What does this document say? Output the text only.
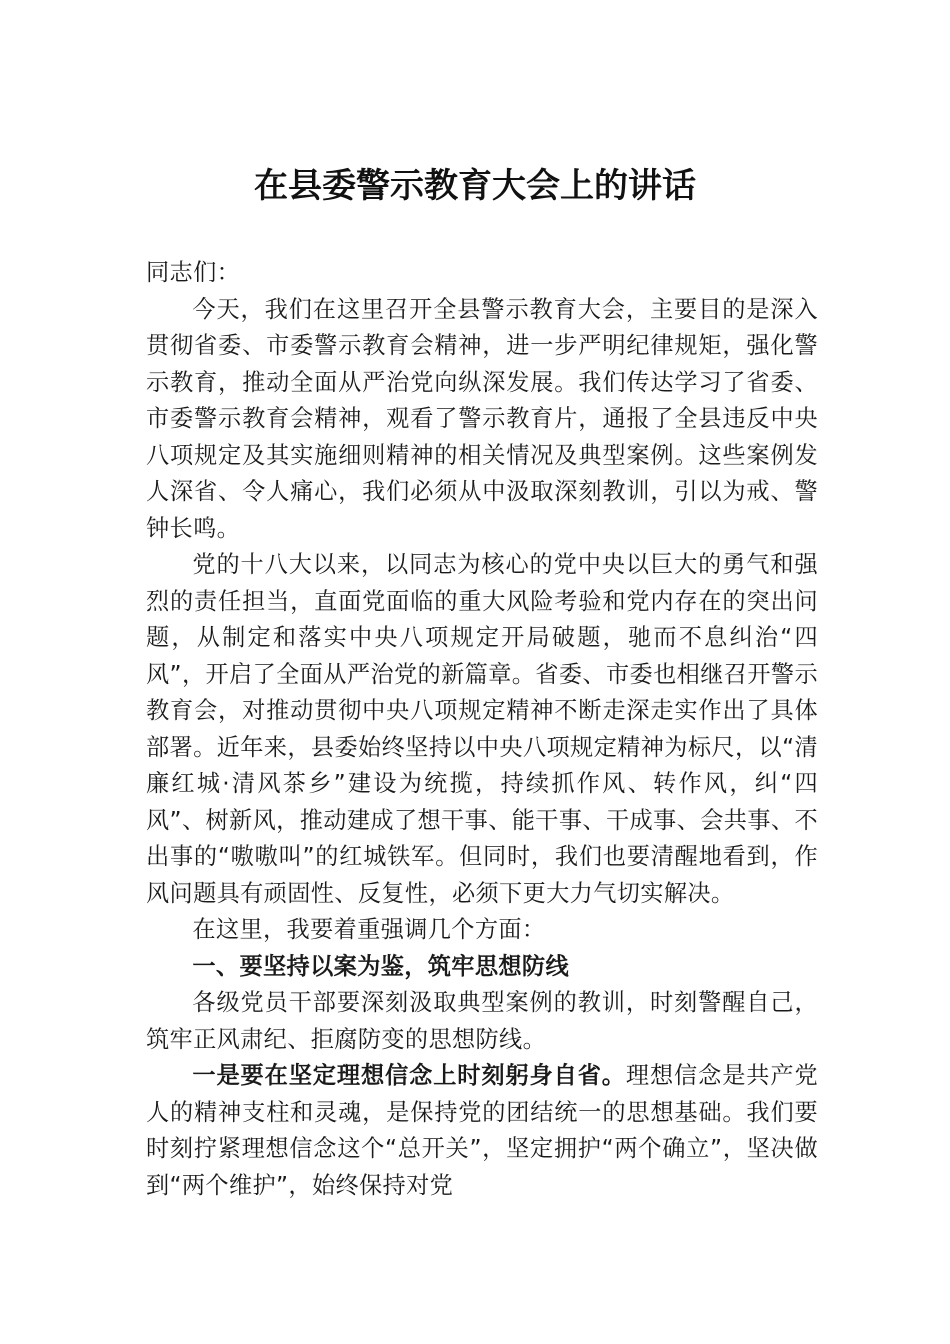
在县委警示教育大会上的讲话

同志们：

今天，我们在这里召开全县警示教育大会，主要目的是深入贯彻省委、市委警示教育会精神，进一步严明纪律规矩，强化警示教育，推动全面从严治党向纵深发展。我们传达学习了省委、市委警示教育会精神，观看了警示教育片，通报了全县违反中央八项规定及其实施细则精神的相关情况及典型案例。这些案例发人深省、令人痛心，我们必须从中汲取深刻教训，引以为戒、警钟长鸣。

党的十八大以来，以同志为核心的党中央以巨大的勇气和强烈的责任担当，直面党面临的重大风险考验和党内存在的突出问题，从制定和落实中央八项规定开局破题，驰而不息纠治“四风”，开启了全面从严治党的新篇章。省委、市委也相继召开警示教育会，对推动贯彻中央八项规定精神不断走深走实作出了具体部署。近年来，县委始终坚持以中央八项规定精神为标尺，以“清廉红城·清风茶乡”建设为统揽，持续抓作风、转作风，纠“四风”、树新风，推动建成了想干事、能干事、干成事、会共事、不出事的“嗷嗷叫”的红城铁军。但同时，我们也要清醒地看到，作风问题具有顽固性、反复性，必须下更大力气切实解决。

在这里，我要着重强调几个方面：

一、要坚持以案为鉴，筑牢思想防线

各级党员干部要深刻汲取典型案例的教训，时刻警醒自己，筑牢正风肃纪、拒腐防变的思想防线。

一是要在坚定理想信念上时刻躬身自省。理想信念是共产党人的精神支柱和灵魂，是保持党的团结统一的思想基础。我们要时刻拧紧理想信念这个“总开关”，坚定拥护“两个确立”，坚决做到“两个维护”，始终保持对党
